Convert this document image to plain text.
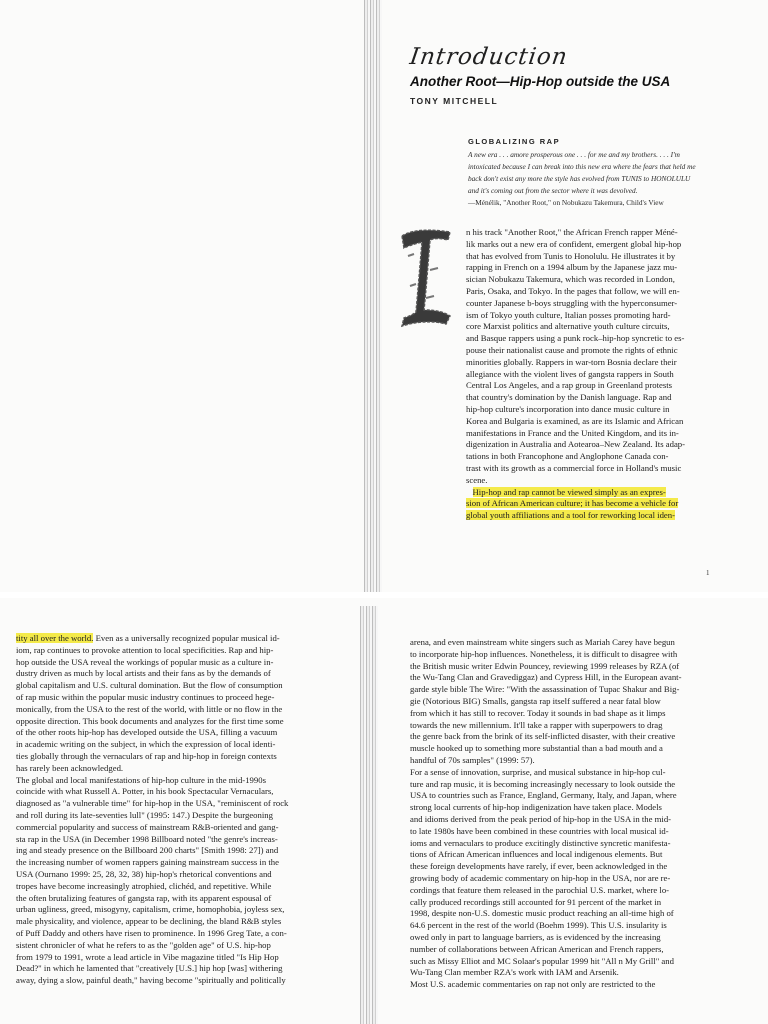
Introduction
Another Root—Hip-Hop outside the USA
TONY MITCHELL
GLOBALIZING RAP
A new era . . . amore prosperous one . . . for me and my brothers. . . . I'm
intoxicated because I can break into this new era where the fears that held me
back don't exist any more the style has evolved from TUNIS to HONOLULU
and it's coming out from the sector where it was devolved.
—Ménélik, "Another Root," on Nobukazu Takemura, Child's View
n his track "Another Root," the African French rapper Méné-
lik marks out a new era of confident, emergent global hip-hop
that has evolved from Tunis to Honolulu. He illustrates it by
rapping in French on a 1994 album by the Japanese jazz mu-
sician Nobukazu Takemura, which was recorded in London,
Paris, Osaka, and Tokyo. In the pages that follow, we will en-
counter Japanese b-boys struggling with the hyperconsumer-
ism of Tokyo youth culture, Italian posses promoting hard-
core Marxist politics and alternative youth culture circuits,
and Basque rappers using a punk rock–hip-hop syncretic to es-
pouse their nationalist cause and promote the rights of ethnic
minorities globally. Rappers in war-torn Bosnia declare their
allegiance with the violent lives of gangsta rappers in South
Central Los Angeles, and a rap group in Greenland protests
that country's domination by the Danish language. Rap and
hip-hop culture's incorporation into dance music culture in
Korea and Bulgaria is examined, as are its Islamic and African
manifestations in France and the United Kingdom, and its in-
digenization in Australia and Aotearoa–New Zealand. Its adap-
tations in both Francophone and Anglophone Canada con-
trast with its growth as a commercial force in Holland's music
scene.
Hip-hop and rap cannot be viewed simply as an expres-
sion of African American culture; it has become a vehicle for
global youth affiliations and a tool for reworking local iden-
1
tity all over the world. Even as a universally recognized popular musical id-
iom, rap continues to provoke attention to local specificities. Rap and hip-
hop outside the USA reveal the workings of popular music as a culture in-
dustry driven as much by local artists and their fans as by the demands of
global capitalism and U.S. cultural domination. But the flow of consumption
of rap music within the popular music industry continues to proceed hege-
monically, from the USA to the rest of the world, with little or no flow in the
opposite direction. This book documents and analyzes for the first time some
of the other roots hip-hop has developed outside the USA, filling a vacuum
in academic writing on the subject, in which the expression of local identi-
ties globally through the vernaculars of rap and hip-hop in foreign contexts
has rarely been acknowledged.
The global and local manifestations of hip-hop culture in the mid-1990s
coincide with what Russell A. Potter, in his book Spectacular Vernaculars,
diagnosed as "a vulnerable time" for hip-hop in the USA, "reminiscent of rock
and roll during its late-seventies lull" (1995: 147.) Despite the burgeoning
commercial popularity and success of mainstream R&B-oriented and gang-
sta rap in the USA (in December 1998 Billboard noted "the genre's increas-
ing and steady presence on the Billboard 200 charts" [Smith 1998: 27]) and
the increasing number of women rappers gaining mainstream success in the
USA (Ournano 1999: 25, 28, 32, 38) hip-hop's rhetorical conventions and
tropes have become increasingly atrophied, clichéd, and repetitive. While
the often brutalizing features of gangsta rap, with its apparent espousal of
urban ugliness, greed, misogyny, capitalism, crime, homophobia, joyless sex,
male physicality, and violence, appear to be declining, the bland R&B styles
of Puff Daddy and others have risen to prominence. In 1996 Greg Tate, a con-
sistent chronicler of what he refers to as the "golden age" of U.S. hip-hop
from 1979 to 1991, wrote a lead article in Vibe magazine titled "Is Hip Hop
Dead?" in which he lamented that "creatively [U.S.] hip hop [was] withering
away, dying a slow, painful death," having become "spiritually and politically
arena, and even mainstream white singers such as Mariah Carey have begun
to incorporate hip-hop influences. Nonetheless, it is difficult to disagree with
the British music writer Edwin Pouncey, reviewing 1999 releases by RZA (of
the Wu-Tang Clan and Gravediggaz) and Cypress Hill, in the European avant-
garde style bible The Wire: "With the assassination of Tupac Shakur and Big-
gie (Notorious BIG) Smalls, gangsta rap itself suffered a near fatal blow
from which it has still to recover. Today it sounds in bad shape as it limps
towards the new millennium. It'll take a rapper with superpowers to drag
the genre back from the brink of its self-inflicted disaster, with their creative
muscle hooked up to something more substantial than a bad mouth and a
handful of 70s samples" (1999: 57).
For a sense of innovation, surprise, and musical substance in hip-hop cul-
ture and rap music, it is becoming increasingly necessary to look outside the
USA to countries such as France, England, Germany, Italy, and Japan, where
strong local currents of hip-hop indigenization have taken place. Models
and idioms derived from the peak period of hip-hop in the USA in the mid-
to late 1980s have been combined in these countries with local musical id-
ioms and vernaculars to produce excitingly distinctive syncretic manifesta-
tions of African American influences and local indigenous elements. But
these foreign developments have rarely, if ever, been acknowledged in the
growing body of academic commentary on hip-hop in the USA, nor are re-
cordings that feature them released in the parochial U.S. market, where lo-
cally produced recordings still accounted for 91 percent of the market in
1998, despite non-U.S. domestic music product reaching an all-time high of
64.6 percent in the rest of the world (Boehm 1999). This U.S. insularity is
owed only in part to language barriers, as is evidenced by the increasing
number of collaborations between African American and French rappers,
such as Missy Elliot and MC Solaar's popular 1999 hit "All n My Grill" and
Wu-Tang Clan member RZA's work with IAM and Arsenik.
Most U.S. academic commentaries on rap not only are restricted to the
